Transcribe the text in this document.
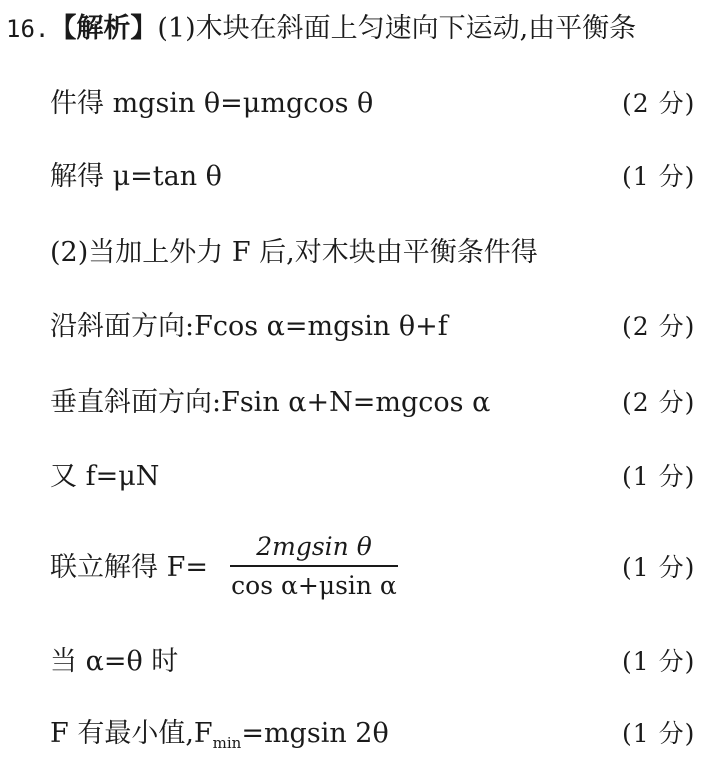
16.【解析】(1)木块在斜面上匀速向下运动,由平衡条
件得 mgsin θ=μmgcos θ	(2 分)
解得 μ=tan θ	(1 分)
(2)当加上外力 F 后,对木块由平衡条件得
沿斜面方向:Fcos α=mgsin θ+f	(2 分)
垂直斜面方向:Fsin α+N=mgcos α	(2 分)
又 f=μN	(1 分)
联立解得 F=	(1 分)
2mgsin θ
cos α+μsin α
当 α=θ 时	(1 分)
F 有最小值$,F_{min}=mgsin$ 2θ	(1 分)
